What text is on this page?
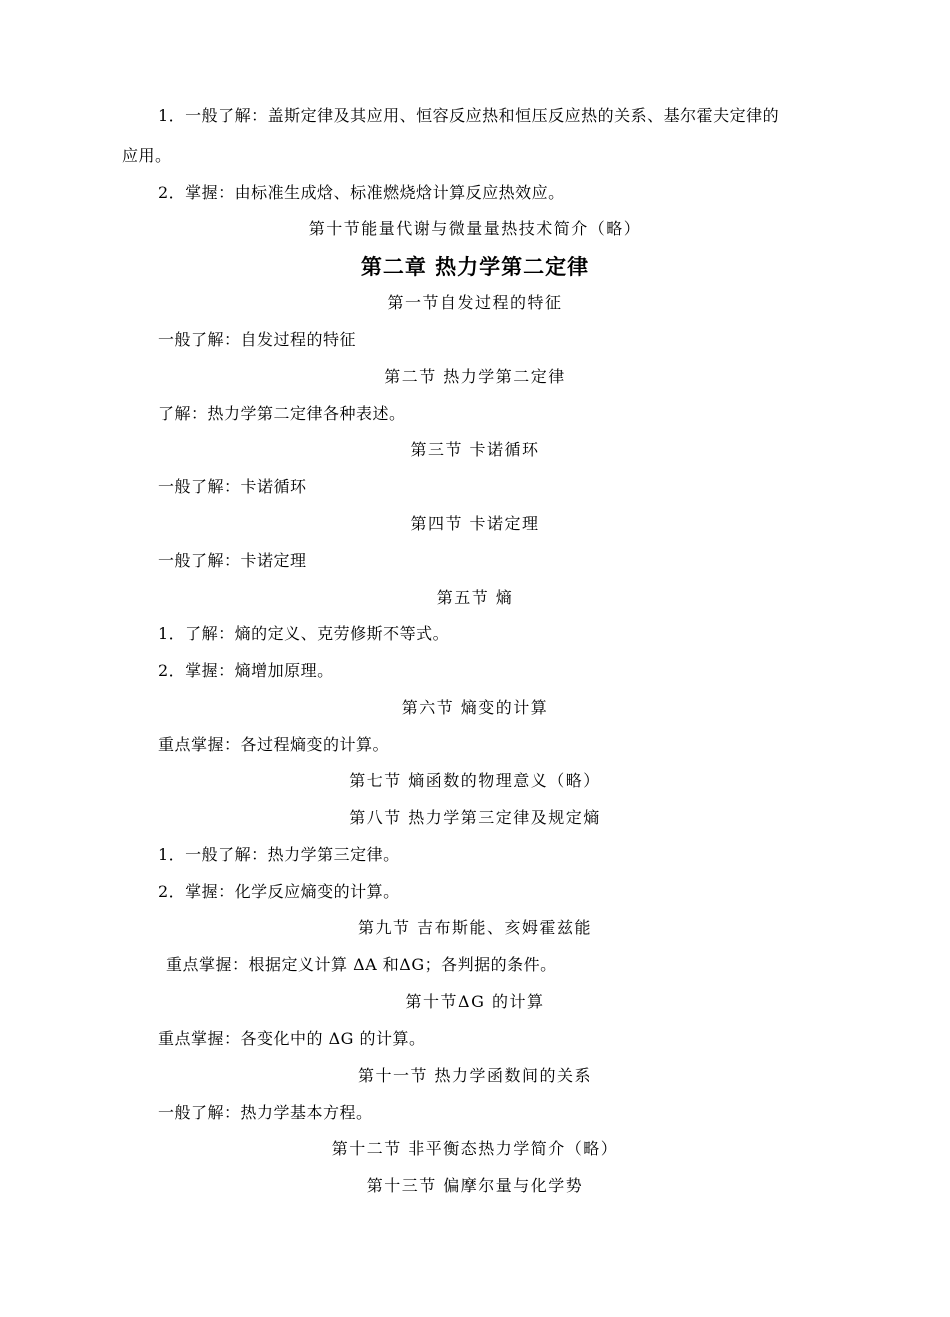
1．一般了解：盖斯定律及其应用、恒容反应热和恒压反应热的关系、基尔霍夫定律的
应用。
2．掌握：由标准生成焓、标准燃烧焓计算反应热效应。
第十节能量代谢与微量量热技术简介（略）
第二章 热力学第二定律
第一节自发过程的特征
一般了解：自发过程的特征
第二节 热力学第二定律
了解：热力学第二定律各种表述。
第三节 卡诺循环
一般了解：卡诺循环
第四节 卡诺定理
一般了解：卡诺定理
第五节 熵
1．了解：熵的定义、克劳修斯不等式。
2．掌握：熵增加原理。
第六节 熵变的计算
重点掌握：各过程熵变的计算。
第七节 熵函数的物理意义（略）
第八节 热力学第三定律及规定熵
1．一般了解：热力学第三定律。
2．掌握：化学反应熵变的计算。
第九节 吉布斯能、亥姆霍兹能
重点掌握：根据定义计算 ΔA 和ΔG；各判据的条件。
第十节ΔG 的计算
重点掌握：各变化中的 ΔG 的计算。
第十一节 热力学函数间的关系
一般了解：热力学基本方程。
第十二节 非平衡态热力学简介（略）
第十三节 偏摩尔量与化学势
